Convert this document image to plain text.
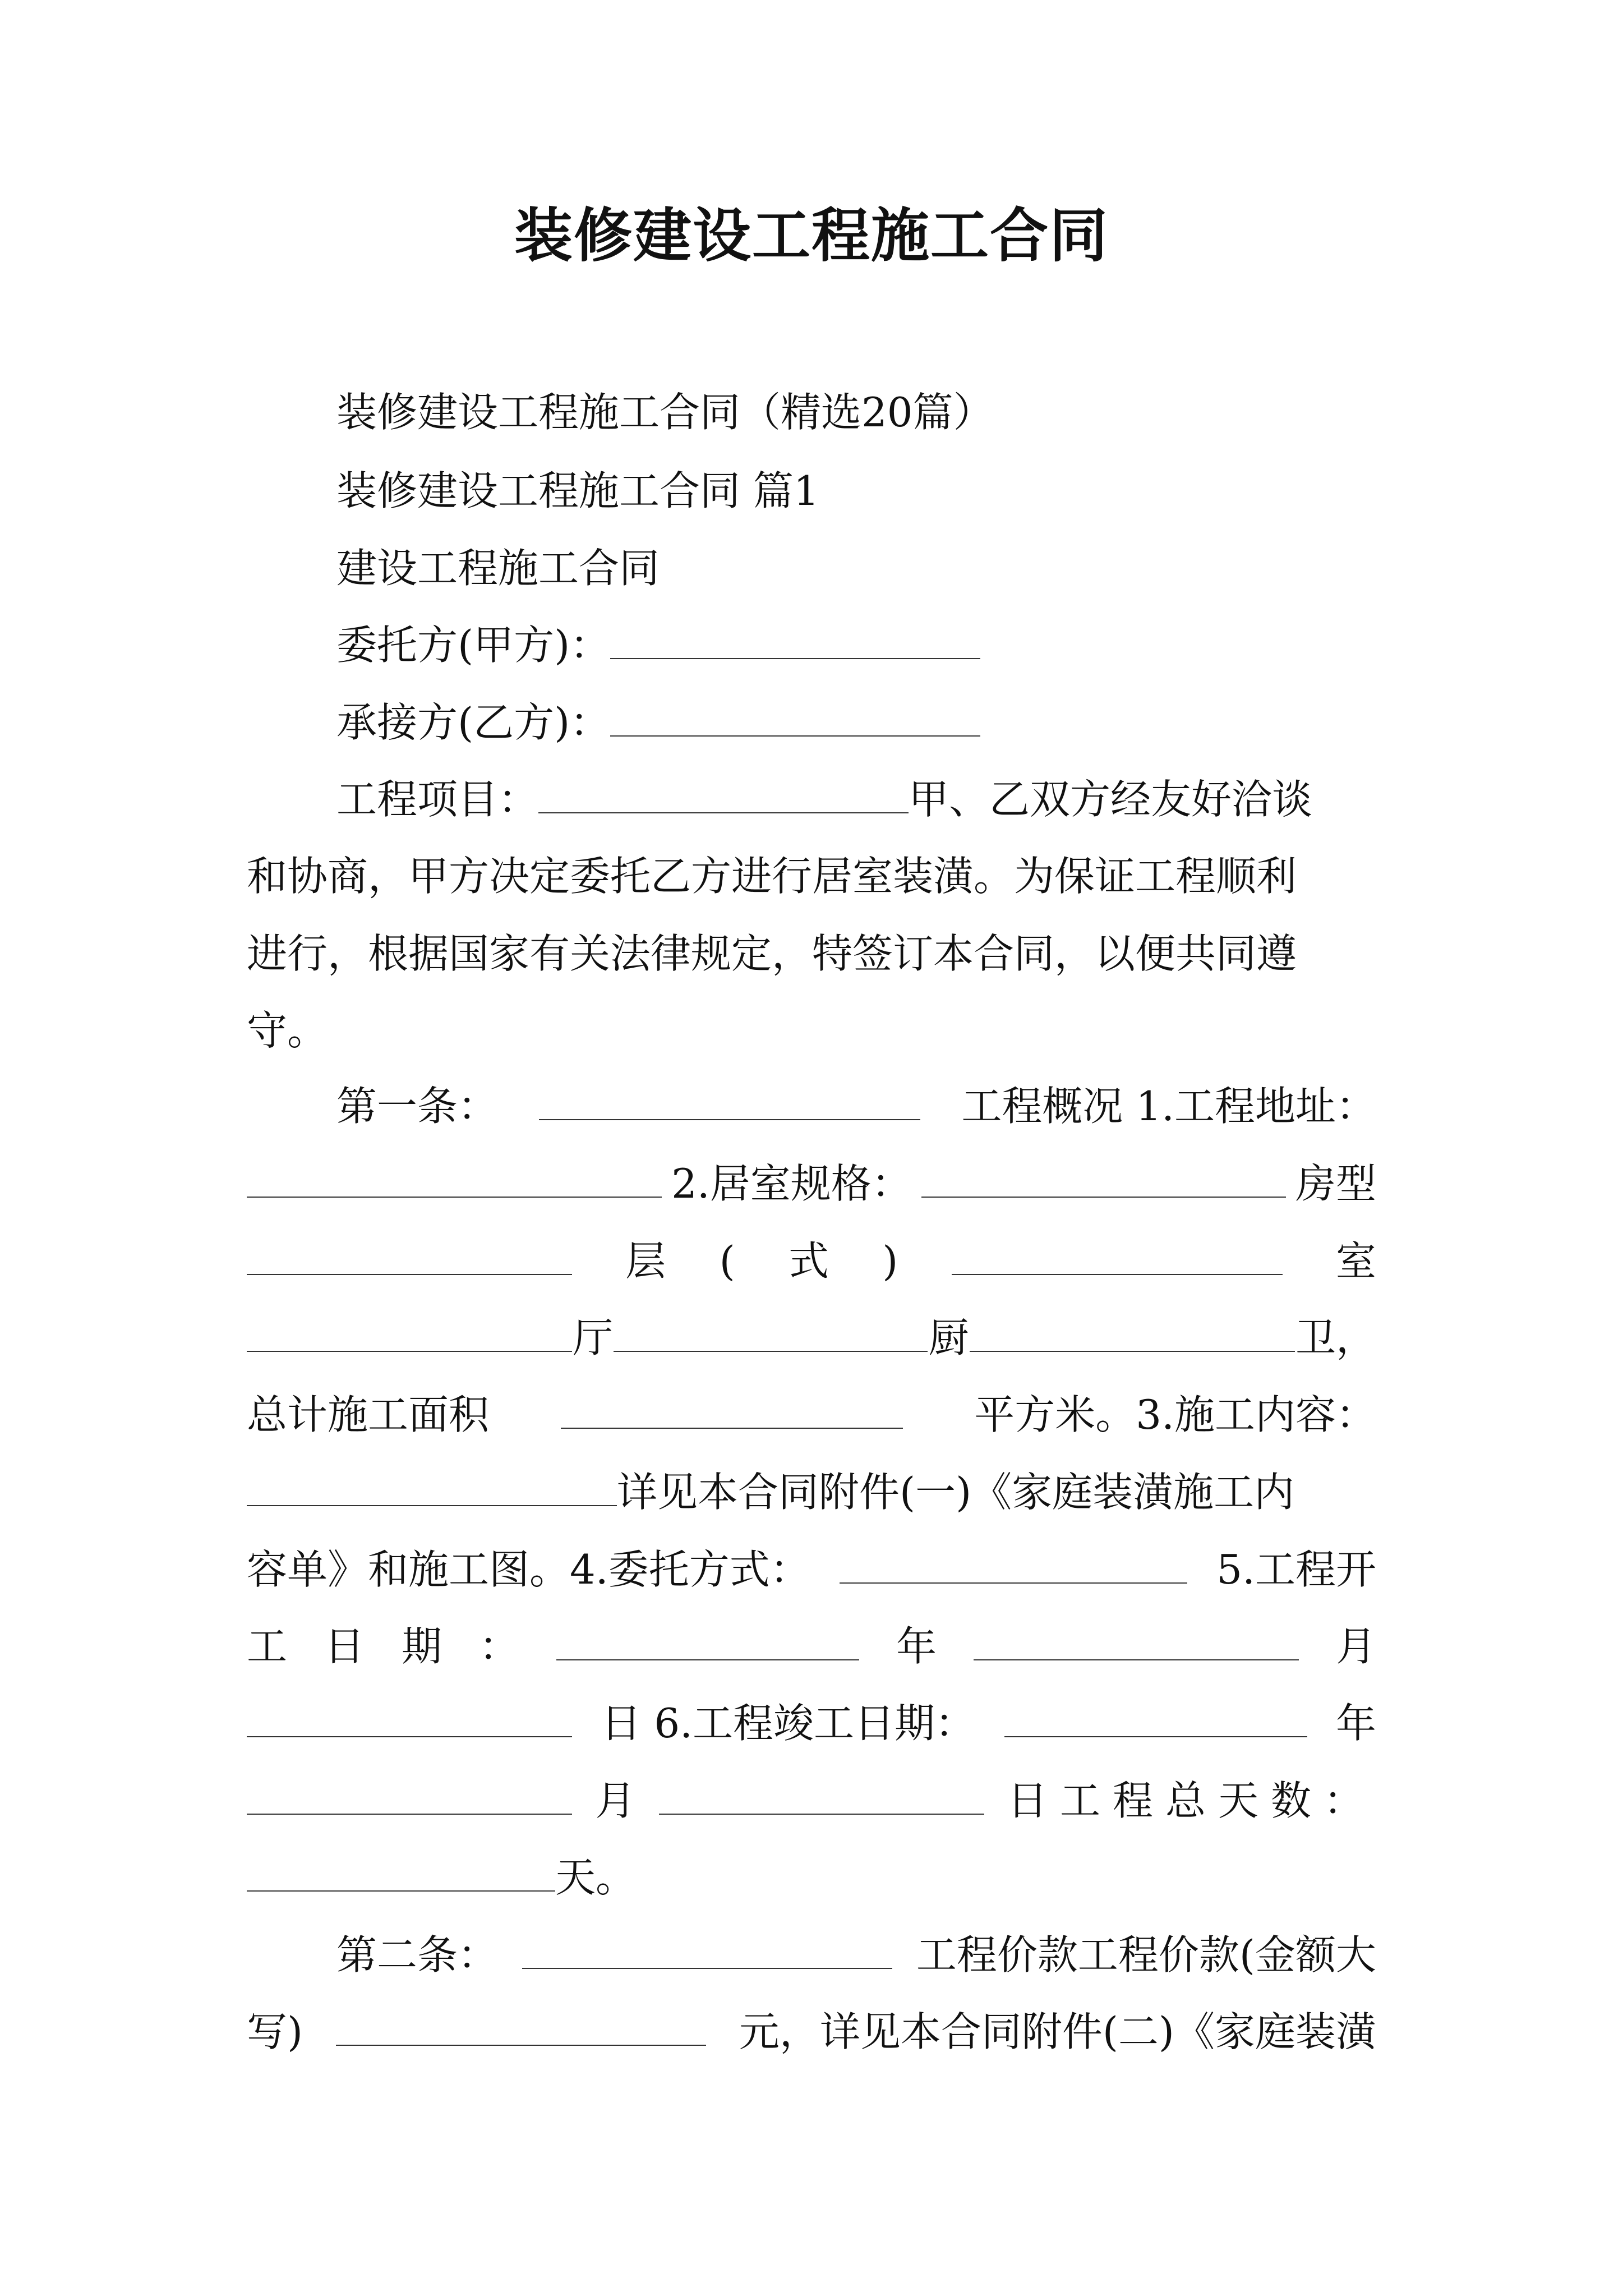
装修建设工程施工合同
装修建设工程施工合同（精选20篇）
装修建设工程施工合同 篇1
建设工程施工合同
委托方(甲方)：
承接方(乙方)：
工程项目：	甲、乙双方经友好洽谈
和协商，甲方决定委托乙方进行居室装潢。为保证工程顺利
进行，根据国家有关法律规定，特签订本合同，以便共同遵
守。
第一条：	工程概况 1.工程地址：
2.居室规格：	房型
层 ( 式 )	室
厅	厨	卫，
总计施工面积	平方米。3.施工内容：
详见本合同附件(一)《家庭装潢施工内
容单》和施工图。4.委托方式：	5.工程开
工 日 期 ：	年	月
日 6.工程竣工日期：	年
月	日工程总天数：
天。
第二条：	工程价款工程价款(金额大
写)	元，详见本合同附件(二)《家庭装潢
